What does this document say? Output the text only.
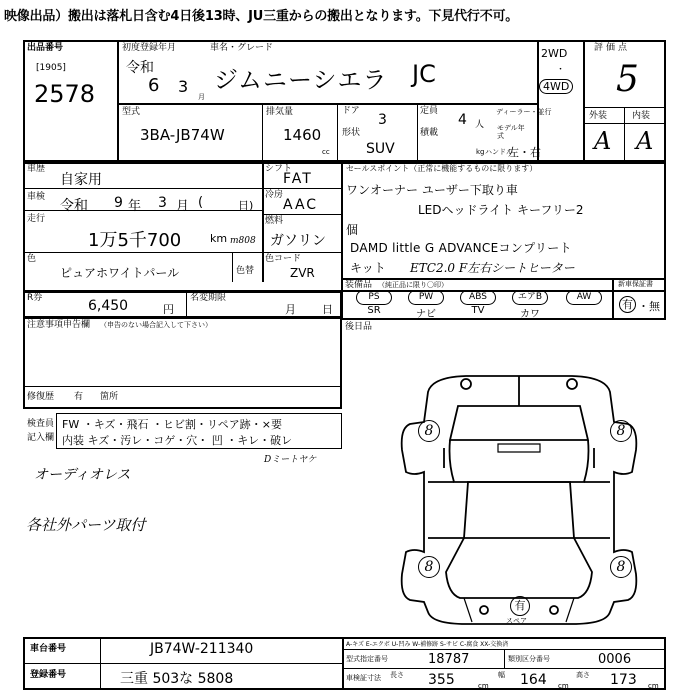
映像出品）搬出は落札日含む4日後13時、JU三重からの搬出となります。下見代行不可。
出品番号
[1905]
2578
初度登録年月
令和
6 3
月
車名・グレード
ジムニーシエラ JC
2WD
・
4WD
評価点
5
外装	内装
A A
型式
3BA-JB74W
排気量
1460
cc
ドア
3
形状
SUV
定員
4 人
積載
kg
ディーラー・並行
モデル年式
ハンドル
左・右
車歴
自家用
車検
令和 9 年 3 月 (	日)
走行
1万5千700	km m808
シフト
FAT
冷房
AAC
燃料
ガソリン
色
ピュアホワイトパール	色替
色コード
ZVR
セールスポイント（正常に機能するものに限ります）
ワンオーナー ユーザー下取り車
LEDヘッドライト キーフリー2
個
DAMD little G ADVANCEコンプリート
キット ETC2.0 F左右シートヒーター
R券	6,450	円
名変期限
月 日
装備品 （純正品に限り〇印）
PS
SR
PW
ナビ
ABS
TV
エアB
カワ
AW
新車保証書
有 ・無
注意事項申告欄 （申告のない場合記入して下さい）
修復歴 有 箇所
後日品
検査員
記入欄
FW ・キズ・飛石 ・ヒビ割・リペア跡・×要
内装 キズ・汚レ・コゲ・穴・ 凹 ・キレ・破レ
Dミートヤケ
オーディオレス
各社外パーツ取付
8	8
8	8
有
スペア
A-キズ E-エクボ U-凹み W-補修跡 S-サビ C-腐食 XX-交換済
車台番号	JB74W-211340
登録番号	三重 503な 5808
型式指定番号	18787	類別区分番号	0006
車検証寸法 長さ 355	cm
幅 164 cm
高さ 173 cm
